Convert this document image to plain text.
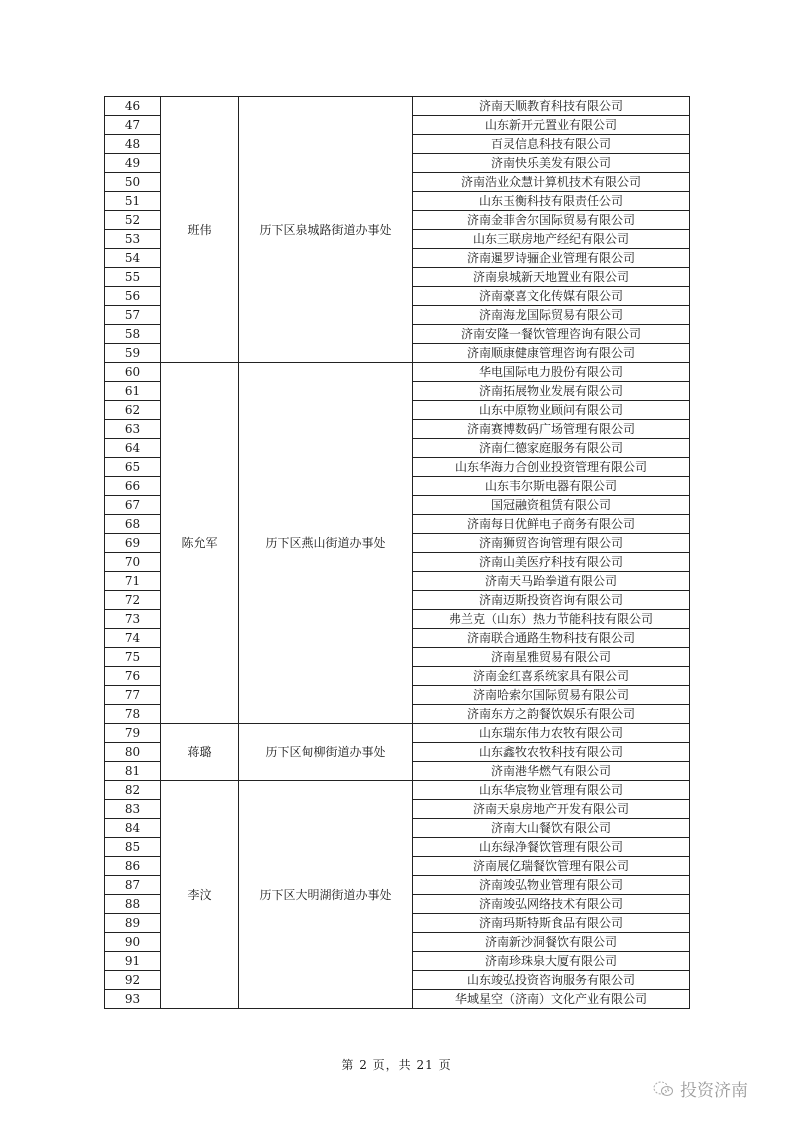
46	班伟	历下区泉城路街道办事处	济南天顺教育科技有限公司
47			山东新开元置业有限公司
48			百灵信息科技有限公司
49			济南快乐美发有限公司
50			济南浩业众慧计算机技术有限公司
51			山东玉衡科技有限责任公司
52			济南金菲舍尔国际贸易有限公司
53			山东三联房地产经纪有限公司
54			济南暹罗诗骊企业管理有限公司
55			济南泉城新天地置业有限公司
56			济南豪喜文化传媒有限公司
57			济南海龙国际贸易有限公司
58			济南安隆一餐饮管理咨询有限公司
59			济南顺康健康管理咨询有限公司
60	陈允军	历下区燕山街道办事处	华电国际电力股份有限公司
61			济南拓展物业发展有限公司
62			山东中原物业顾问有限公司
63			济南赛博数码广场管理有限公司
64			济南仁德家庭服务有限公司
65			山东华海力合创业投资管理有限公司
66			山东韦尔斯电器有限公司
67			国冠融资租赁有限公司
68			济南每日优鲜电子商务有限公司
69			济南狮贸咨询管理有限公司
70			济南山美医疗科技有限公司
71			济南天马跆拳道有限公司
72			济南迈斯投资咨询有限公司
73			弗兰克（山东）热力节能科技有限公司
74			济南联合通路生物科技有限公司
75			济南星雅贸易有限公司
76			济南金红喜系统家具有限公司
77			济南哈索尔国际贸易有限公司
78			济南东方之韵餐饮娱乐有限公司
79	蒋璐	历下区甸柳街道办事处	山东瑞东伟力农牧有限公司
80			山东鑫牧农牧科技有限公司
81			济南港华燃气有限公司
82	李汶	历下区大明湖街道办事处	山东华宸物业管理有限公司
83			济南天泉房地产开发有限公司
84			济南大山餐饮有限公司
85			山东绿净餐饮管理有限公司
86			济南展亿瑞餐饮管理有限公司
87			济南竣弘物业管理有限公司
88			济南竣弘网络技术有限公司
89			济南玛斯特斯食品有限公司
90			济南新沙洞餐饮有限公司
91			济南珍珠泉大厦有限公司
92			山东竣弘投资咨询服务有限公司
93			华域星空（济南）文化产业有限公司
第 2 页，共 21 页
投资济南
